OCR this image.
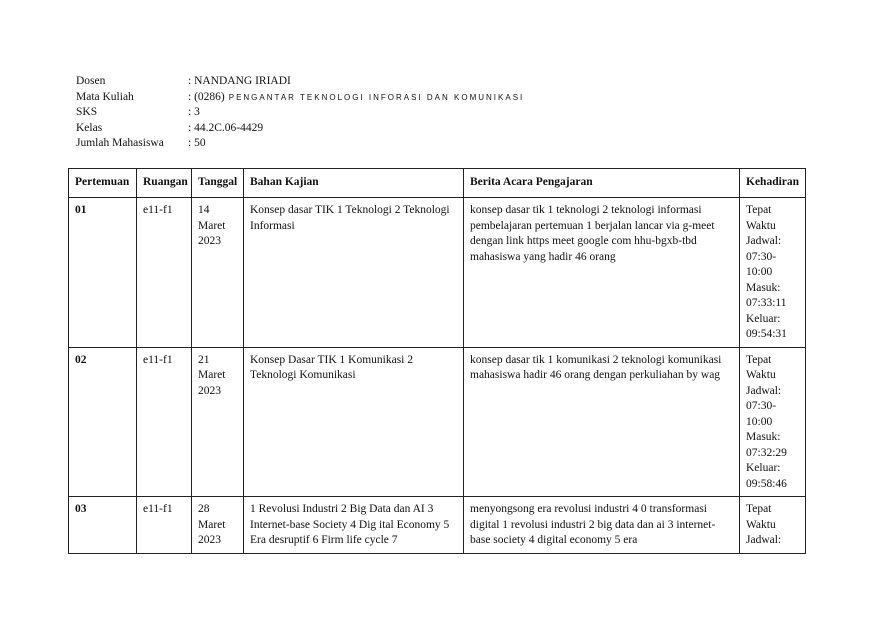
Dosen	: NANDANG IRIADI
Mata Kuliah	: (0286) PENGANTAR TEKNOLOGI INFORASI DAN KOMUNIKASI
SKS	: 3
Kelas	: 44.2C.06-4429
Jumlah Mahasiswa : 50
Pertemuan	Ruangan	Tanggal	Bahan Kajian	Berita Acara Pengajaran	Kehadiran
01	e11-f1	14 Maret 2023	Konsep dasar TIK 1 Teknologi 2 Teknologi Informasi	konsep dasar tik 1 teknologi 2 teknologi informasi pembelajaran pertemuan 1 berjalan lancar via g-meet dengan link https meet google com hhu-bgxb-tbd mahasiswa yang hadir 46 orang	Tepat Waktu Jadwal: 07:30-10:00 Masuk: 07:33:11 Keluar: 09:54:31
02	e11-f1	21 Maret 2023	Konsep Dasar TIK 1 Komunikasi 2 Teknologi Komunikasi	konsep dasar tik 1 komunikasi 2 teknologi komunikasi mahasiswa hadir 46 orang dengan perkuliahan by wag	Tepat Waktu Jadwal: 07:30-10:00 Masuk: 07:32:29 Keluar: 09:58:46
03	e11-f1	28 Maret 2023	1 Revolusi Industri 2 Big Data dan AI 3 Internet-base Society 4 Dig ital Economy 5 Era desruptif 6 Firm life cycle 7	menyongsong era revolusi industri 4 0 transformasi digital 1 revolusi industri 2 big data dan ai 3 internet-base society 4 digital economy 5 era	Tepat Waktu Jadwal:
